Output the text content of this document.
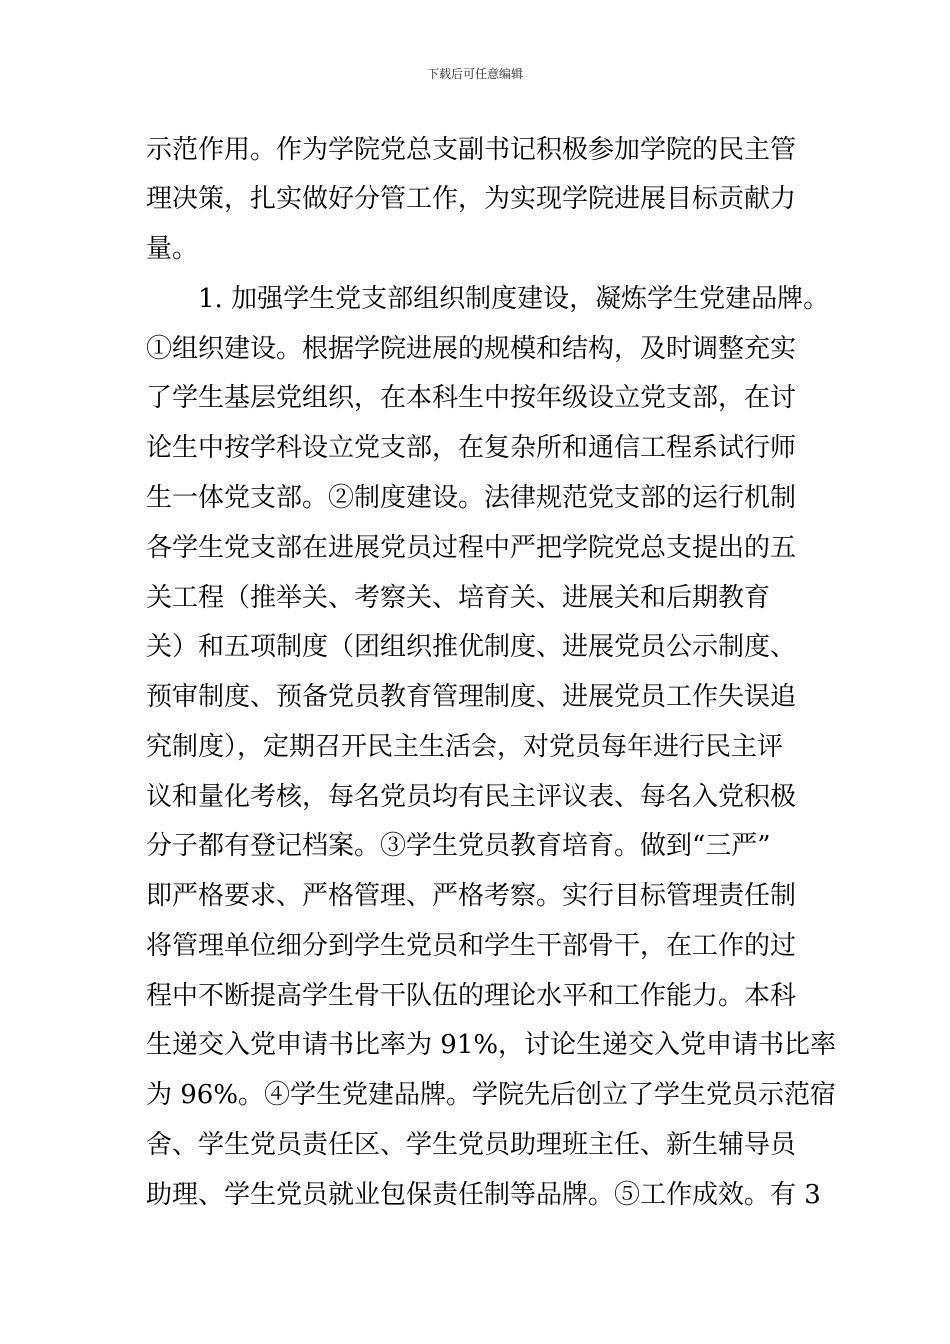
下载后可任意编辑
示范作用。作为学院党总支副书记积极参加学院的民主管
理决策，扎实做好分管工作，为实现学院进展目标贡献力
量。
1. 加强学生党支部组织制度建设，凝炼学生党建品牌。
①组织建设。根据学院进展的规模和结构，及时调整充实
了学生基层党组织，在本科生中按年级设立党支部，在讨
论生中按学科设立党支部，在复杂所和通信工程系试行师
生一体党支部。②制度建设。法律规范党支部的运行机制
各学生党支部在进展党员过程中严把学院党总支提出的五
关工程（推举关、考察关、培育关、进展关和后期教育
关）和五项制度（团组织推优制度、进展党员公示制度、
预审制度、预备党员教育管理制度、进展党员工作失误追
究制度），定期召开民主生活会，对党员每年进行民主评
议和量化考核，每名党员均有民主评议表、每名入党积极
分子都有登记档案。③学生党员教育培育。做到“三严”
即严格要求、严格管理、严格考察。实行目标管理责任制
将管理单位细分到学生党员和学生干部骨干，在工作的过
程中不断提高学生骨干队伍的理论水平和工作能力。本科
生递交入党申请书比率为 91%，讨论生递交入党申请书比率
为 96%。④学生党建品牌。学院先后创立了学生党员示范宿
舍、学生党员责任区、学生党员助理班主任、新生辅导员
助理、学生党员就业包保责任制等品牌。⑤工作成效。有 3
